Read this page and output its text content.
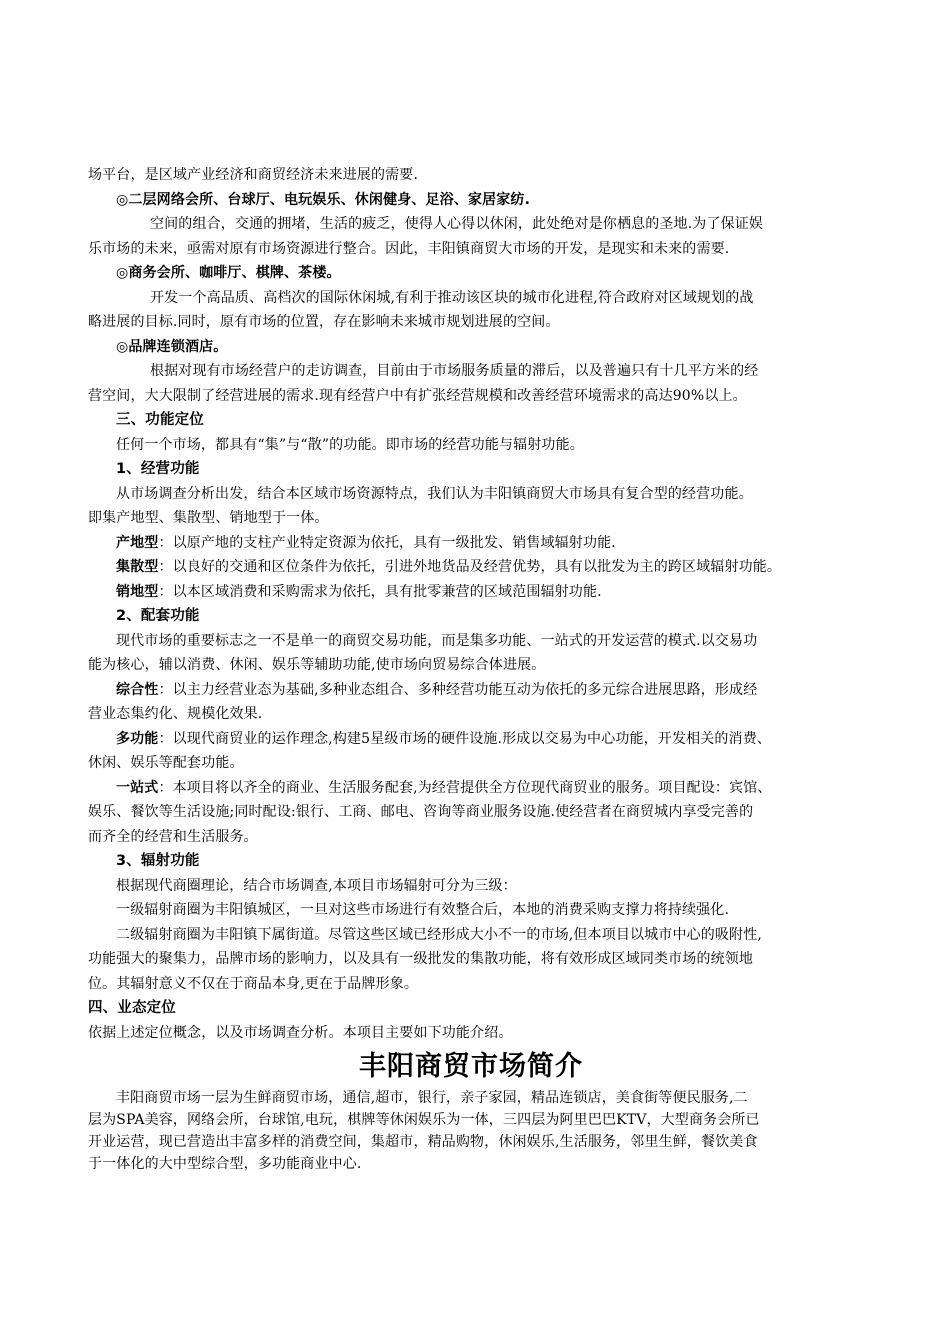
场平台，是区域产业经济和商贸经济未来进展的需要.
◎二层网络会所、台球厅、电玩娱乐、休闲健身、足浴、家居家纺.
空间的组合，交通的拥堵，生活的疲乏，使得人心得以休闲，此处绝对是你栖息的圣地.为了保证娱
乐市场的未来，亟需对原有市场资源进行整合。因此，丰阳镇商贸大市场的开发，是现实和未来的需要.
◎商务会所、咖啡厅、棋牌、茶楼。
开发一个高品质、高档次的国际休闲城,有利于推动该区块的城市化进程,符合政府对区域规划的战
略进展的目标.同时，原有市场的位置，存在影响未来城市规划进展的空间。
◎品牌连锁酒店。
根据对现有市场经营户的走访调查，目前由于市场服务质量的滞后，以及普遍只有十几平方米的经
营空间，大大限制了经营进展的需求.现有经营户中有扩张经营规模和改善经营环境需求的高达90%以上。
三、功能定位
任何一个市场，都具有“集”与“散”的功能。即市场的经营功能与辐射功能。
1、经营功能
从市场调查分析出发，结合本区域市场资源特点，我们认为丰阳镇商贸大市场具有复合型的经营功能。
即集产地型、集散型、销地型于一体。
产地型：以原产地的支柱产业特定资源为依托，具有一级批发、销售域辐射功能.
集散型：以良好的交通和区位条件为依托，引进外地货品及经营优势，具有以批发为主的跨区域辐射功能。
销地型：以本区域消费和采购需求为依托，具有批零兼营的区域范围辐射功能.
2、配套功能
现代市场的重要标志之一不是单一的商贸交易功能，而是集多功能、一站式的开发运营的模式.以交易功
能为核心，辅以消费、休闲、娱乐等辅助功能,使市场向贸易综合体进展。
综合性：以主力经营业态为基础,多种业态组合、多种经营功能互动为依托的多元综合进展思路，形成经
营业态集约化、规模化效果.
多功能：以现代商贸业的运作理念,构建5星级市场的硬件设施.形成以交易为中心功能，开发相关的消费、
休闲、娱乐等配套功能。
一站式：本项目将以齐全的商业、生活服务配套,为经营提供全方位现代商贸业的服务。项目配设：宾馆、
娱乐、餐饮等生活设施;同时配设:银行、工商、邮电、咨询等商业服务设施.使经营者在商贸城内享受完善的
而齐全的经营和生活服务。
3、辐射功能
根据现代商圈理论，结合市场调查,本项目市场辐射可分为三级：
一级辐射商圈为丰阳镇城区，一旦对这些市场进行有效整合后，本地的消费采购支撑力将持续强化.
二级辐射商圈为丰阳镇下属街道。尽管这些区域已经形成大小不一的市场,但本项目以城市中心的吸附性,
功能强大的聚集力，品牌市场的影响力，以及具有一级批发的集散功能，将有效形成区域同类市场的统领地
位。其辐射意义不仅在于商品本身,更在于品牌形象。
四、业态定位
依据上述定位概念，以及市场调查分析。本项目主要如下功能介绍。
丰阳商贸市场简介
丰阳商贸市场一层为生鲜商贸市场，通信,超市，银行，亲子家园，精品连锁店，美食街等便民服务,二
层为SPA美容，网络会所，台球馆,电玩，棋牌等休闲娱乐为一体，三四层为阿里巴巴KTV，大型商务会所已
开业运营，现已营造出丰富多样的消费空间，集超市，精品购物，休闲娱乐,生活服务，邻里生鲜，餐饮美食
于一体化的大中型综合型，多功能商业中心.
